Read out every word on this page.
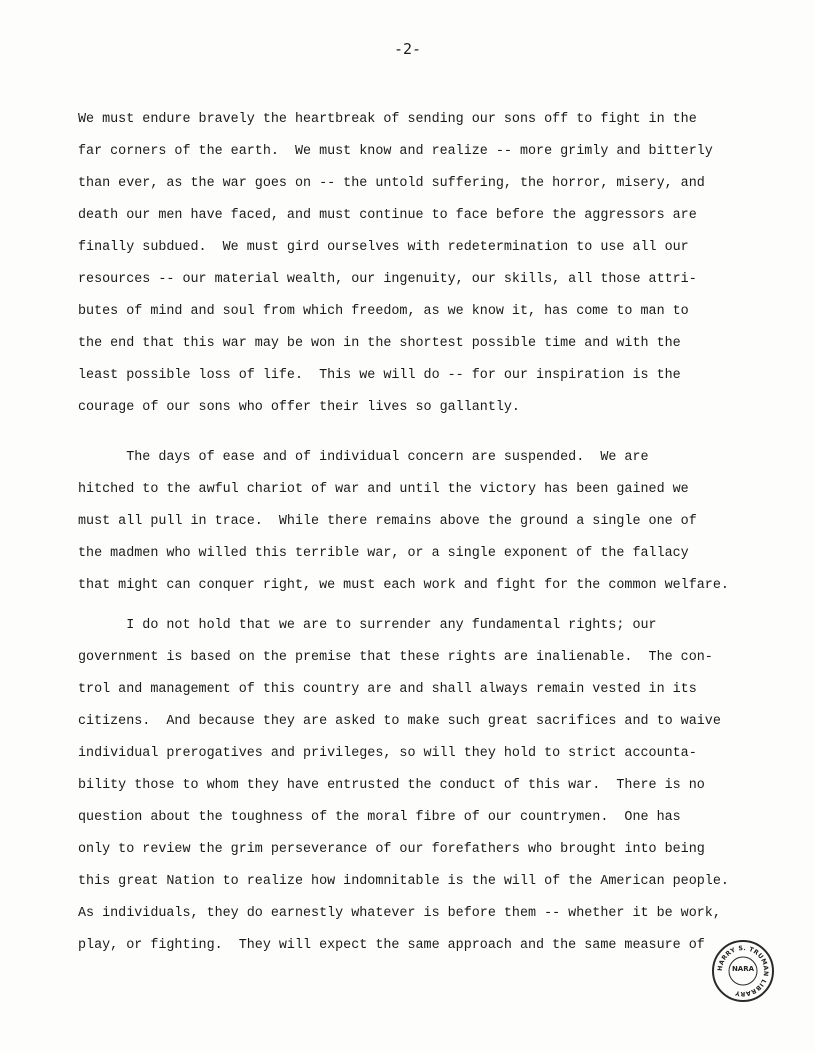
-2-
We must endure bravely the heartbreak of sending our sons off to fight in the
far corners of the earth.  We must know and realize -- more grimly and bitterly
than ever, as the war goes on -- the untold suffering, the horror, misery, and
death our men have faced, and must continue to face before the aggressors are
finally subdued.  We must gird ourselves with redetermination to use all our
resources -- our material wealth, our ingenuity, our skills, all those attri-
butes of mind and soul from which freedom, as we know it, has come to man to
the end that this war may be won in the shortest possible time and with the
least possible loss of life.  This we will do -- for our inspiration is the
courage of our sons who offer their lives so gallantly.
The days of ease and of individual concern are suspended.  We are
hitched to the awful chariot of war and until the victory has been gained we
must all pull in trace.  While there remains above the ground a single one of
the madmen who willed this terrible war, or a single exponent of the fallacy
that might can conquer right, we must each work and fight for the common welfare.
I do not hold that we are to surrender any fundamental rights; our
government is based on the premise that these rights are inalienable.  The con-
trol and management of this country are and shall always remain vested in its
citizens.  And because they are asked to make such great sacrifices and to waive
individual prerogatives and privileges, so will they hold to strict accounta-
bility those to whom they have entrusted the conduct of this war.  There is no
question about the toughness of the moral fibre of our countrymen.  One has
only to review the grim perseverance of our forefathers who brought into being
this great Nation to realize how indomnitable is the will of the American people.
As individuals, they do earnestly whatever is before them -- whether it be work,
play, or fighting.  They will expect the same approach and the same measure of
HARRY S. TRUMAN LIBRARY
NARA
